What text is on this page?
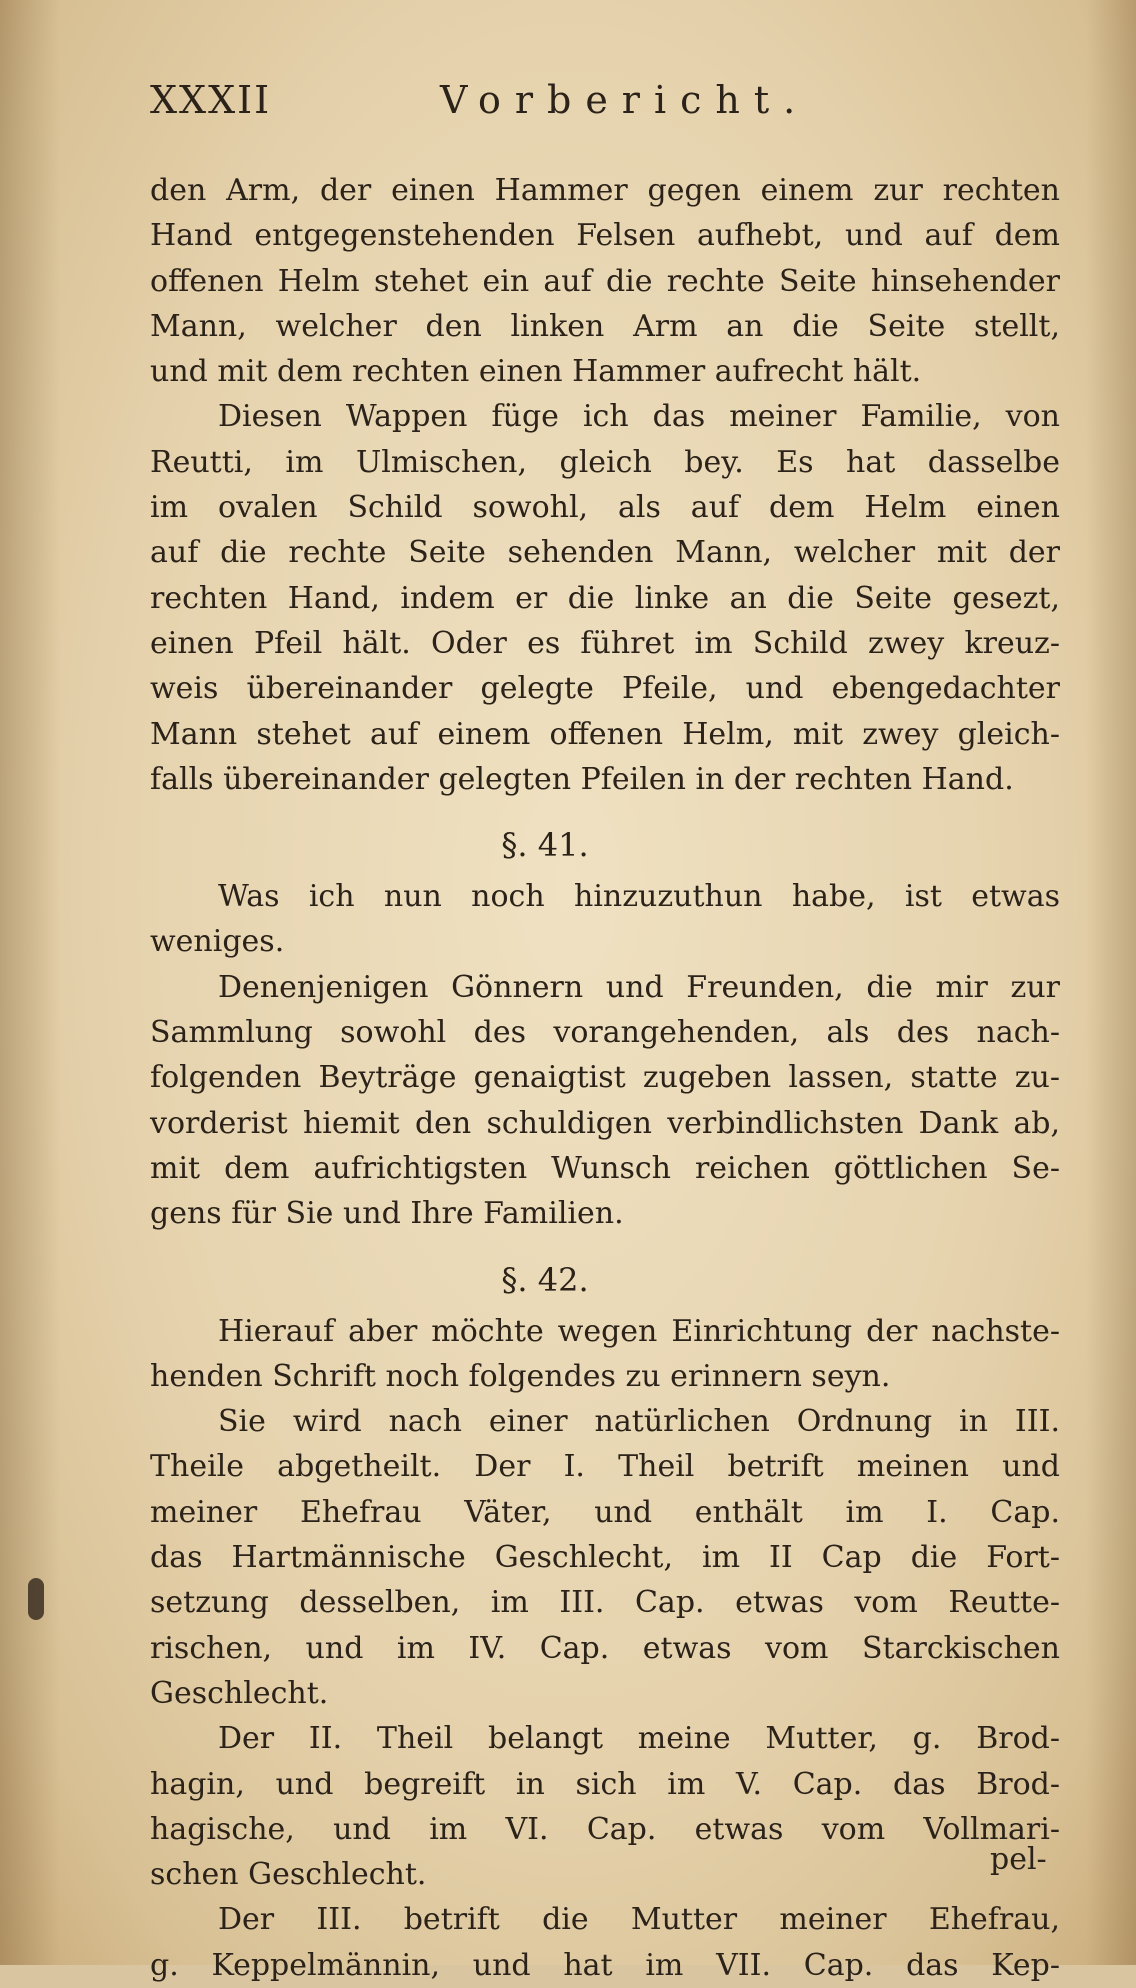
XXXII	Vorbericht.
den Arm, der einen Hammer gegen einem zur rechten
Hand entgegenstehenden Felsen aufhebt, und auf dem
offenen Helm stehet ein auf die rechte Seite hinsehender
Mann, welcher den linken Arm an die Seite stellt,
und mit dem rechten einen Hammer aufrecht hält.
Diesen Wappen füge ich das meiner Familie, von
Reutti, im Ulmischen, gleich bey. Es hat dasselbe
im ovalen Schild sowohl, als auf dem Helm einen
auf die rechte Seite sehenden Mann, welcher mit der
rechten Hand, indem er die linke an die Seite gesezt,
einen Pfeil hält. Oder es führet im Schild zwey kreuz-
weis übereinander gelegte Pfeile, und ebengedachter
Mann stehet auf einem offenen Helm, mit zwey gleich-
falls übereinander gelegten Pfeilen in der rechten Hand.
§. 41.
Was ich nun noch hinzuzuthun habe, ist etwas
weniges.
Denenjenigen Gönnern und Freunden, die mir zur
Sammlung sowohl des vorangehenden, als des nach-
folgenden Beyträge genaigtist zugeben lassen, statte zu-
vorderist hiemit den schuldigen verbindlichsten Dank ab,
mit dem aufrichtigsten Wunsch reichen göttlichen Se-
gens für Sie und Ihre Familien.
§. 42.
Hierauf aber möchte wegen Einrichtung der nachste-
henden Schrift noch folgendes zu erinnern seyn.
Sie wird nach einer natürlichen Ordnung in III.
Theile abgetheilt. Der I. Theil betrift meinen und
meiner Ehefrau Väter, und enthält im I. Cap.
das Hartmännische Geschlecht, im II Cap die Fort-
setzung desselben, im III. Cap. etwas vom Reutte-
rischen, und im IV. Cap. etwas vom Starckischen
Geschlecht.
Der II. Theil belangt meine Mutter, g. Brod-
hagin, und begreift in sich im V. Cap. das Brod-
hagische, und im VI. Cap. etwas vom Vollmari-
schen Geschlecht.
Der III. betrift die Mutter meiner Ehefrau,
g. Keppelmännin, und hat im VII. Cap. das Kep-
pel-
